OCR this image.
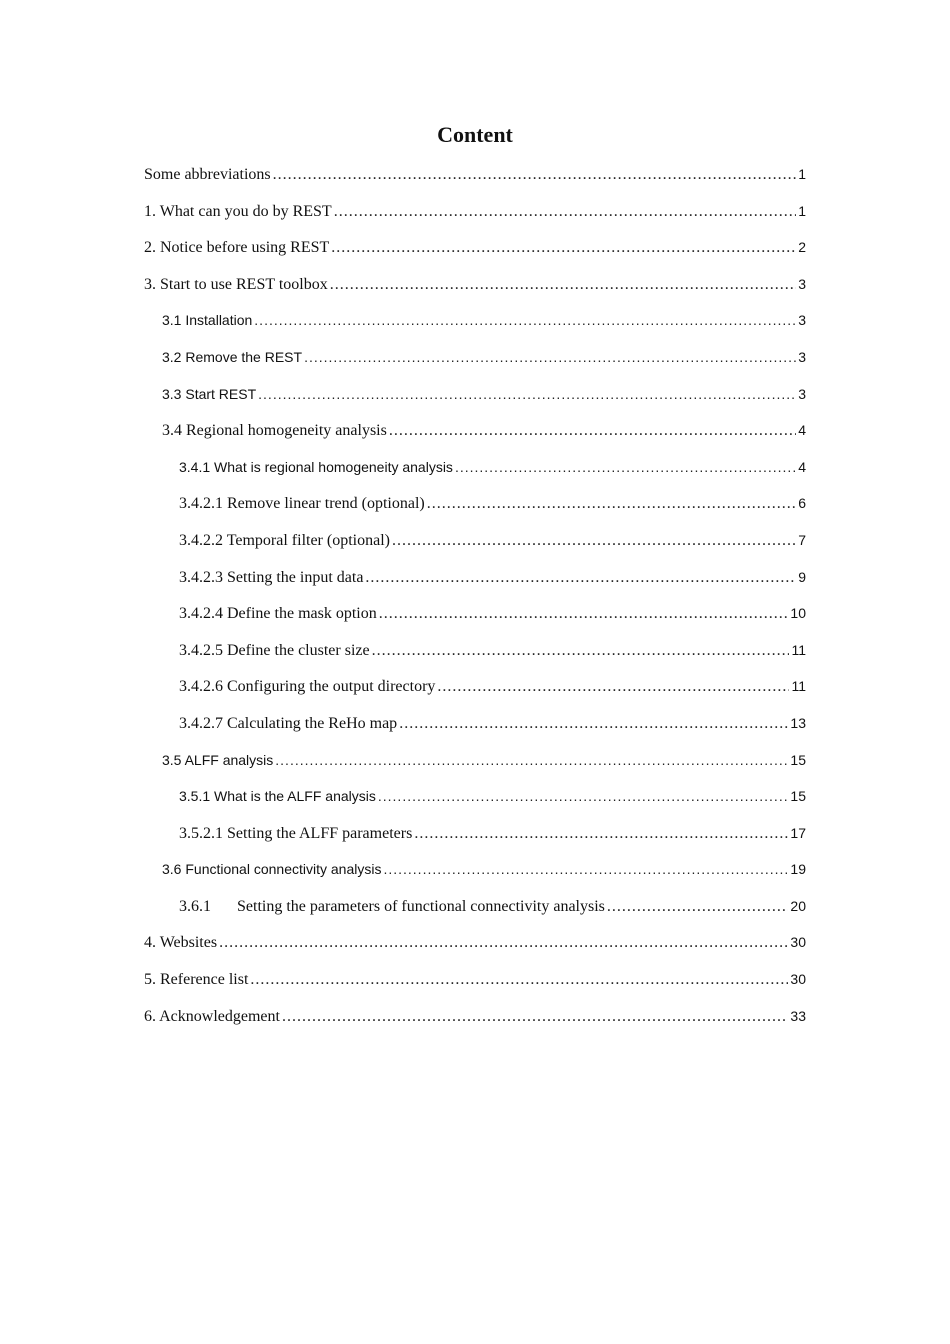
Content
Some abbreviations .....	1
1. What can you do by REST .....	1
2. Notice before using REST .....	2
3. Start to use REST toolbox .....	3
3.1 Installation .....	3
3.2 Remove the REST .....	3
3.3 Start REST .....	3
3.4 Regional homogeneity analysis .....	4
3.4.1 What is regional homogeneity analysis .....	4
3.4.2.1 Remove linear trend (optional) .....	6
3.4.2.2 Temporal filter (optional) .....	7
3.4.2.3 Setting the input data .....	9
3.4.2.4 Define the mask option .....	10
3.4.2.5 Define the cluster size .....	11
3.4.2.6 Configuring the output directory .....	11
3.4.2.7 Calculating the ReHo map .....	13
3.5 ALFF analysis .....	15
3.5.1 What is the ALFF analysis .....	15
3.5.2.1 Setting the ALFF parameters .....	17
3.6 Functional connectivity analysis .....	19
3.6.1 Setting the parameters of functional connectivity analysis .....	20
4. Websites .....	30
5. Reference list .....	30
6. Acknowledgement .....	33
